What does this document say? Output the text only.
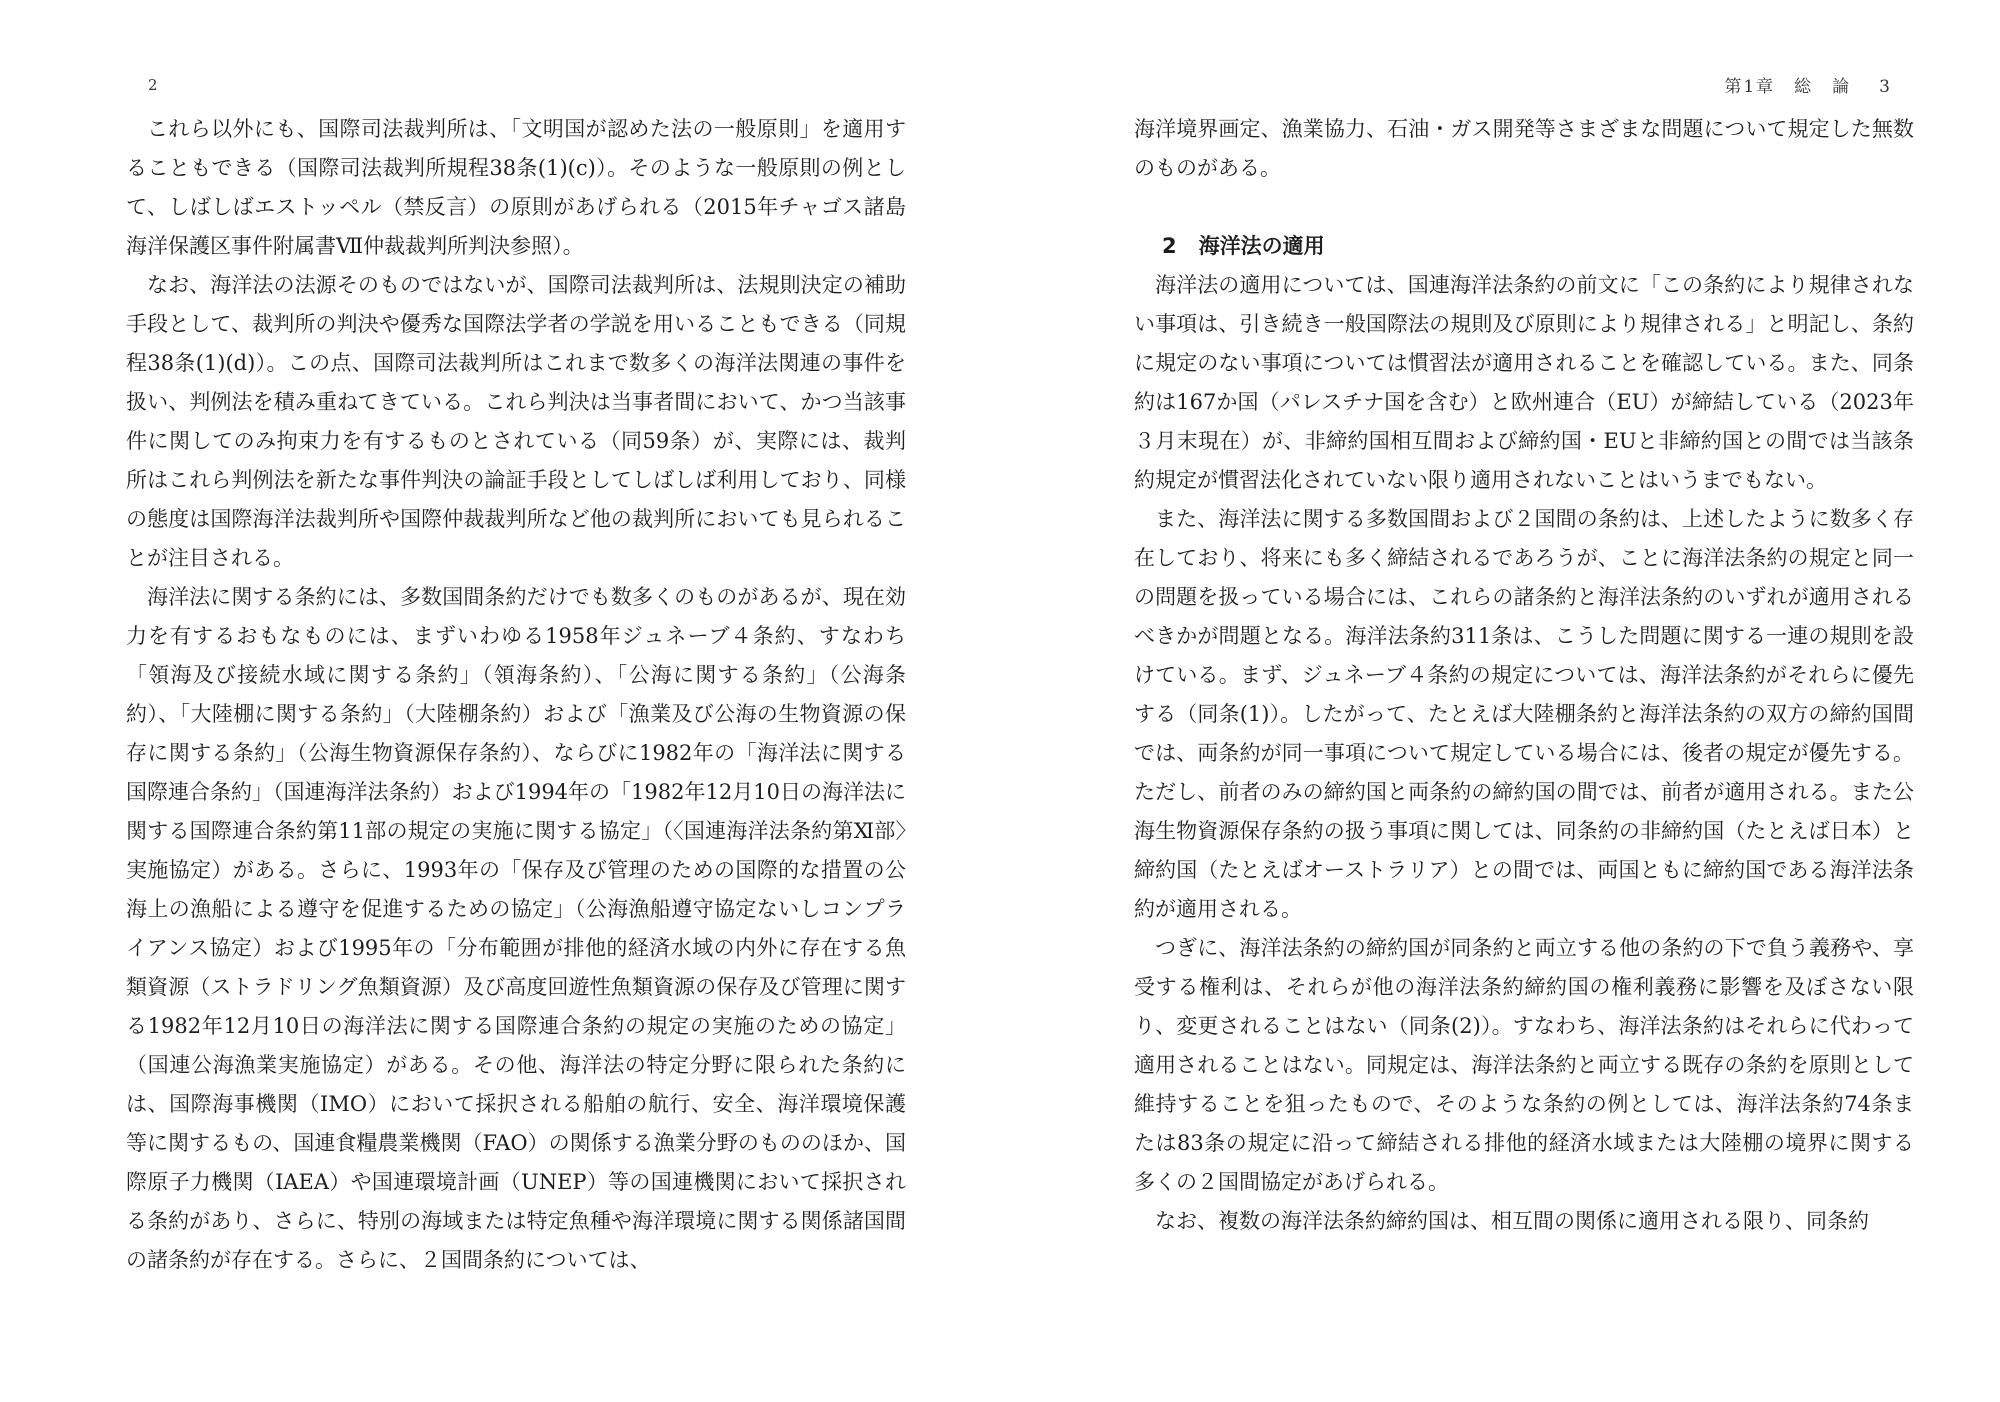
2

これら以外にも、国際司法裁判所は、「文明国が認めた法の一般原則」を適用することもできる（国際司法裁判所規程38条(1)(c)）。そのような一般原則の例として、しばしばエストッペル（禁反言）の原則があげられる（2015年チャゴス諸島海洋保護区事件附属書Ⅶ仲裁裁判所判決参照）。

なお、海洋法の法源そのものではないが、国際司法裁判所は、法規則決定の補助手段として、裁判所の判決や優秀な国際法学者の学説を用いることもできる（同規程38条(1)(d)）。この点、国際司法裁判所はこれまで数多くの海洋法関連の事件を扱い、判例法を積み重ねてきている。これら判決は当事者間において、かつ当該事件に関してのみ拘束力を有するものとされている（同59条）が、実際には、裁判所はこれら判例法を新たな事件判決の論証手段としてしばしば利用しており、同様の態度は国際海洋法裁判所や国際仲裁裁判所など他の裁判所においても見られることが注目される。

海洋法に関する条約には、多数国間条約だけでも数多くのものがあるが、現在効力を有するおもなものには、まずいわゆる1958年ジュネーブ４条約、すなわち「領海及び接続水域に関する条約」（領海条約）、「公海に関する条約」（公海条約）、「大陸棚に関する条約」（大陸棚条約）および「漁業及び公海の生物資源の保存に関する条約」（公海生物資源保存条約）、ならびに1982年の「海洋法に関する国際連合条約」（国連海洋法条約）および1994年の「1982年12月10日の海洋法に関する国際連合条約第11部の規定の実施に関する協定」（〈国連海洋法条約第Ⅺ部〉実施協定）がある。さらに、1993年の「保存及び管理のための国際的な措置の公海上の漁船による遵守を促進するための協定」（公海漁船遵守協定ないしコンプライアンス協定）および1995年の「分布範囲が排他的経済水域の内外に存在する魚類資源（ストラドリング魚類資源）及び高度回遊性魚類資源の保存及び管理に関する1982年12月10日の海洋法に関する国際連合条約の規定の実施のための協定」（国連公海漁業実施協定）がある。その他、海洋法の特定分野に限られた条約には、国際海事機関（IMO）において採択される船舶の航行、安全、海洋環境保護等に関するもの、国連食糧農業機関（FAO）の関係する漁業分野のもののほか、国際原子力機関（IAEA）や国連環境計画（UNEP）等の国連機関において採択される条約があり、さらに、特別の海域または特定魚種や海洋環境に関する関係諸国間の諸条約が存在する。さらに、２国間条約については、

第1章　総　論 3

海洋境界画定、漁業協力、石油・ガス開発等さまざまな問題について規定した無数のものがある。

2 海洋法の適用

海洋法の適用については、国連海洋法条約の前文に「この条約により規律されない事項は、引き続き一般国際法の規則及び原則により規律される」と明記し、条約に規定のない事項については慣習法が適用されることを確認している。また、同条約は167か国（パレスチナ国を含む）と欧州連合（EU）が締結している（2023年３月末現在）が、非締約国相互間および締約国・EUと非締約国との間では当該条約規定が慣習法化されていない限り適用されないことはいうまでもない。

また、海洋法に関する多数国間および２国間の条約は、上述したように数多く存在しており、将来にも多く締結されるであろうが、ことに海洋法条約の規定と同一の問題を扱っている場合には、これらの諸条約と海洋法条約のいずれが適用されるべきかが問題となる。海洋法条約311条は、こうした問題に関する一連の規則を設けている。まず、ジュネーブ４条約の規定については、海洋法条約がそれらに優先する（同条(1)）。したがって、たとえば大陸棚条約と海洋法条約の双方の締約国間では、両条約が同一事項について規定している場合には、後者の規定が優先する。ただし、前者のみの締約国と両条約の締約国の間では、前者が適用される。また公海生物資源保存条約の扱う事項に関しては、同条約の非締約国（たとえば日本）と締約国（たとえばオーストラリア）との間では、両国ともに締約国である海洋法条約が適用される。

つぎに、海洋法条約の締約国が同条約と両立する他の条約の下で負う義務や、享受する権利は、それらが他の海洋法条約締約国の権利義務に影響を及ぼさない限り、変更されることはない（同条(2)）。すなわち、海洋法条約はそれらに代わって適用されることはない。同規定は、海洋法条約と両立する既存の条約を原則として維持することを狙ったもので、そのような条約の例としては、海洋法条約74条または83条の規定に沿って締結される排他的経済水域または大陸棚の境界に関する多くの２国間協定があげられる。

なお、複数の海洋法条約締約国は、相互間の関係に適用される限り、同条約
